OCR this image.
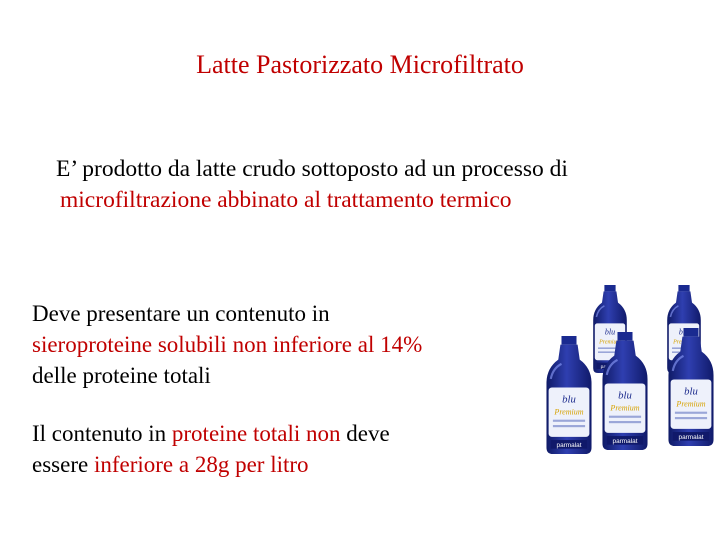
Latte Pastorizzato Microfiltrato
E’ prodotto da latte crudo sottoposto ad un processo di
microfiltrazione abbinato al trattamento termico
Deve presentare un contenuto in
sieroproteine solubili non inferiore al 14%
delle proteine totali
Il contenuto in proteine totali non deve
essere inferiore a 28g per litro
